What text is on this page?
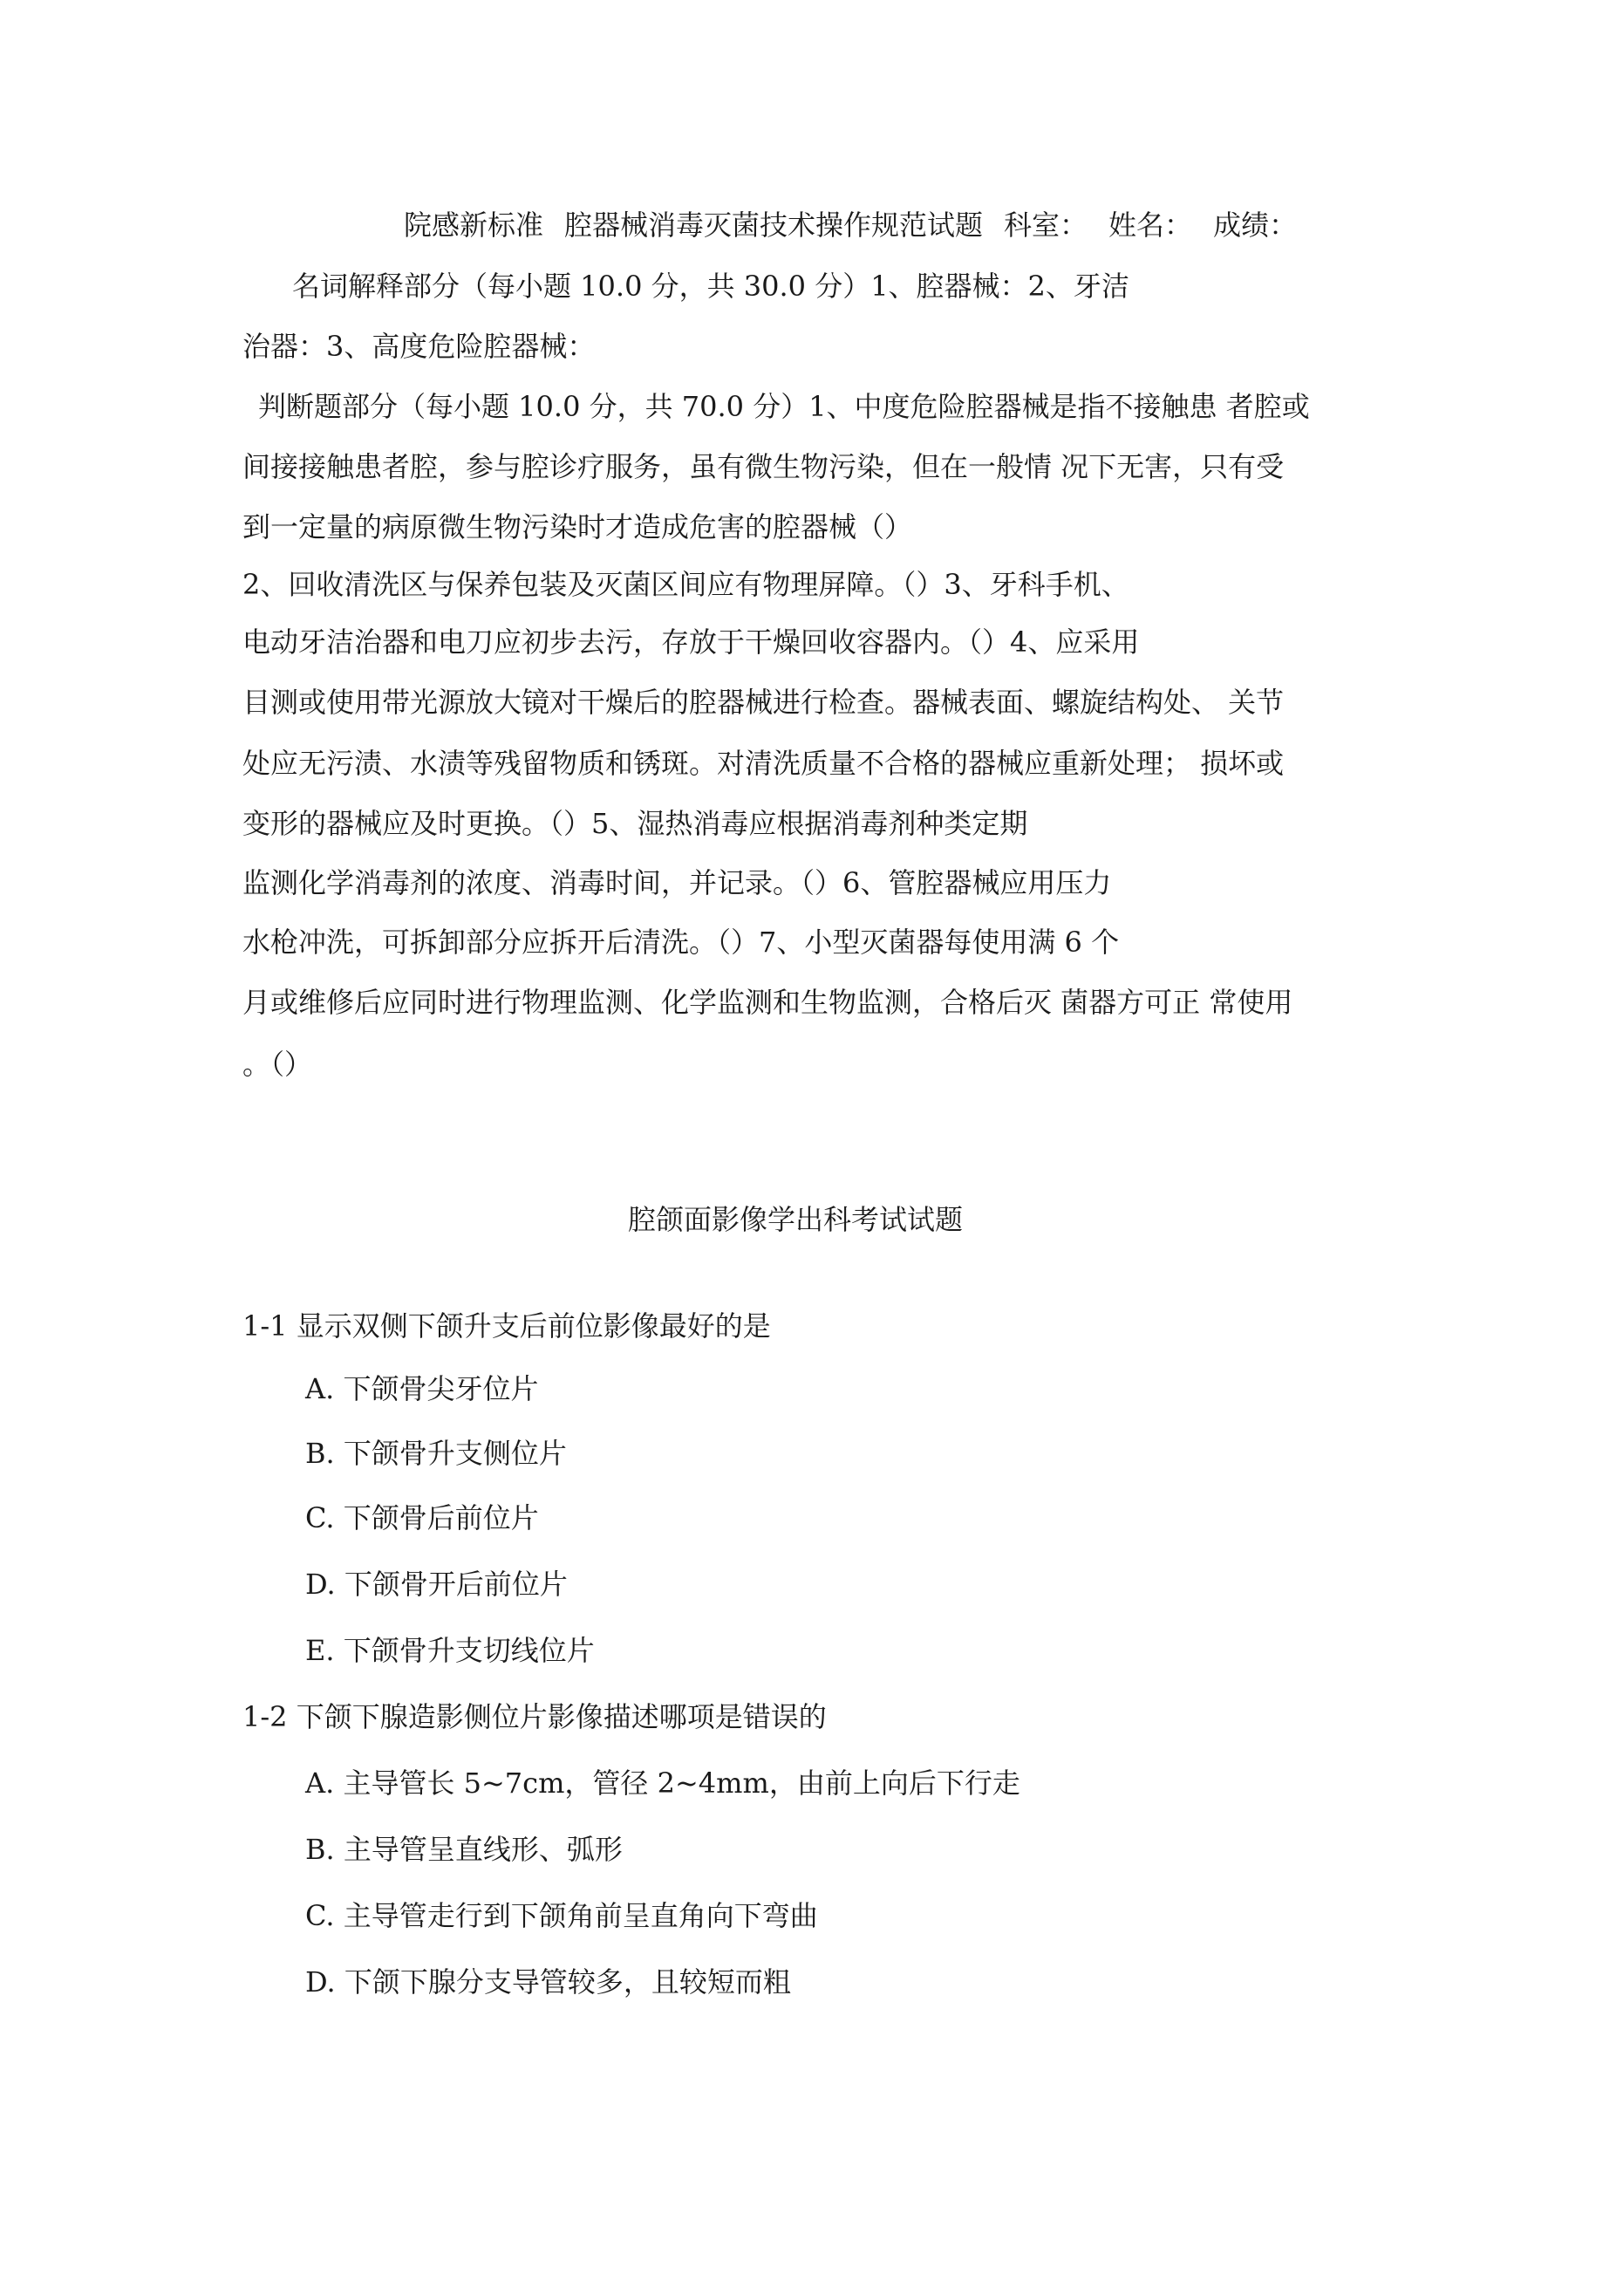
院感新标准 腔器械消毒灭菌技术操作规范试题 科室： 姓名： 成绩：
名词解释部分（每小题 10.0 分，共 30.0 分）1、腔器械：2、牙洁
治器：3、高度危险腔器械：
判断题部分（每小题 10.0 分，共 70.0 分）1、中度危险腔器械是指不接触患 者腔或
间接接触患者腔，参与腔诊疗服务，虽有微生物污染，但在一般情 况下无害，只有受
到一定量的病原微生物污染时才造成危害的腔器械（）
2、回收清洗区与保养包装及灭菌区间应有物理屏障。（）3、牙科手机、
电动牙洁治器和电刀应初步去污，存放于干燥回收容器内。（）4、应采用
目测或使用带光源放大镜对干燥后的腔器械进行检查。器械表面、螺旋结构处、 关节
处应无污渍、水渍等残留物质和锈斑。对清洗质量不合格的器械应重新处理； 损坏或
变形的器械应及时更换。（）5、湿热消毒应根据消毒剂种类定期
监测化学消毒剂的浓度、消毒时间，并记录。（）6、管腔器械应用压力
水枪冲洗，可拆卸部分应拆开后清洗。（）7、小型灭菌器每使用满 6 个
月或维修后应同时进行物理监测、化学监测和生物监测，合格后灭 菌器方可正 常使用
。（）
腔颌面影像学出科考试试题
1-1 显示双侧下颌升支后前位影像最好的是
A. 下颌骨尖牙位片
B. 下颌骨升支侧位片
C. 下颌骨后前位片
D. 下颌骨开后前位片
E. 下颌骨升支切线位片
1-2 下颌下腺造影侧位片影像描述哪项是错误的
A. 主导管长 5~7cm，管径 2~4mm，由前上向后下行走
B. 主导管呈直线形、弧形
C. 主导管走行到下颌角前呈直角向下弯曲
D. 下颌下腺分支导管较多，且较短而粗
